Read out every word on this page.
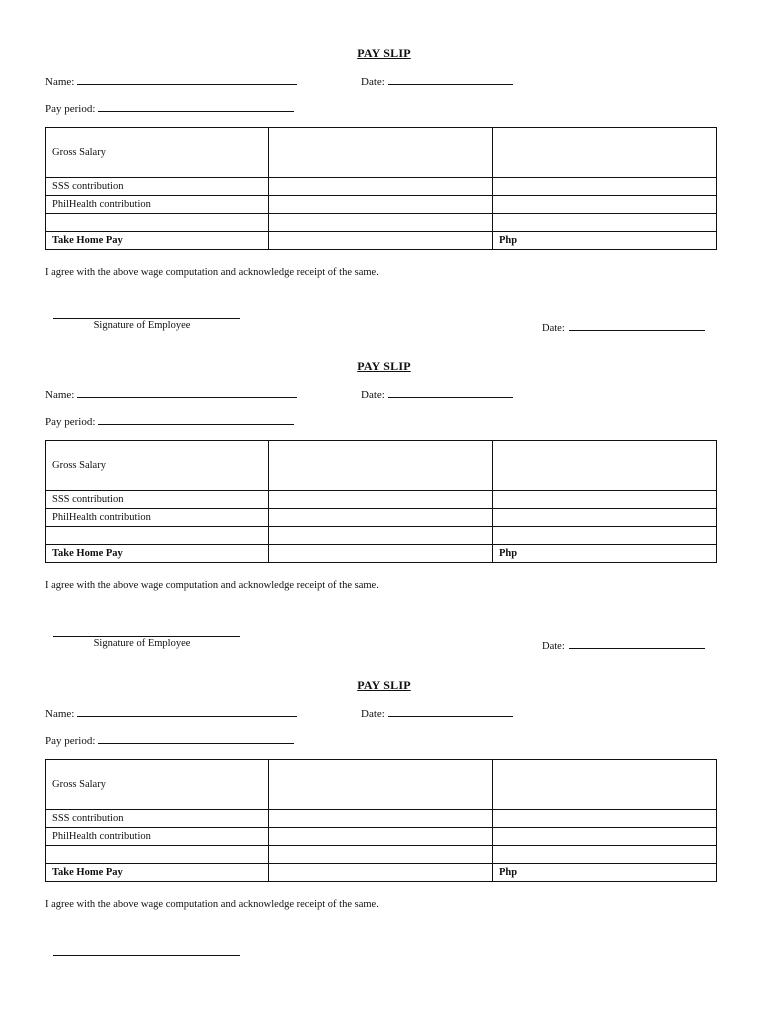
PAY SLIP
Name:	Date:
Pay period:
Gross Salary		
SSS contribution		
PhilHealth contribution		

Take Home Pay		Php
I agree with the above wage computation and acknowledge receipt of the same.
Signature of Employee	Date:
PAY SLIP
Name:	Date:
Pay period:
Gross Salary		
SSS contribution		
PhilHealth contribution		

Take Home Pay		Php
I agree with the above wage computation and acknowledge receipt of the same.
Signature of Employee	Date:
PAY SLIP
Name:	Date:
Pay period:
Gross Salary		
SSS contribution		
PhilHealth contribution		

Take Home Pay		Php
I agree with the above wage computation and acknowledge receipt of the same.
